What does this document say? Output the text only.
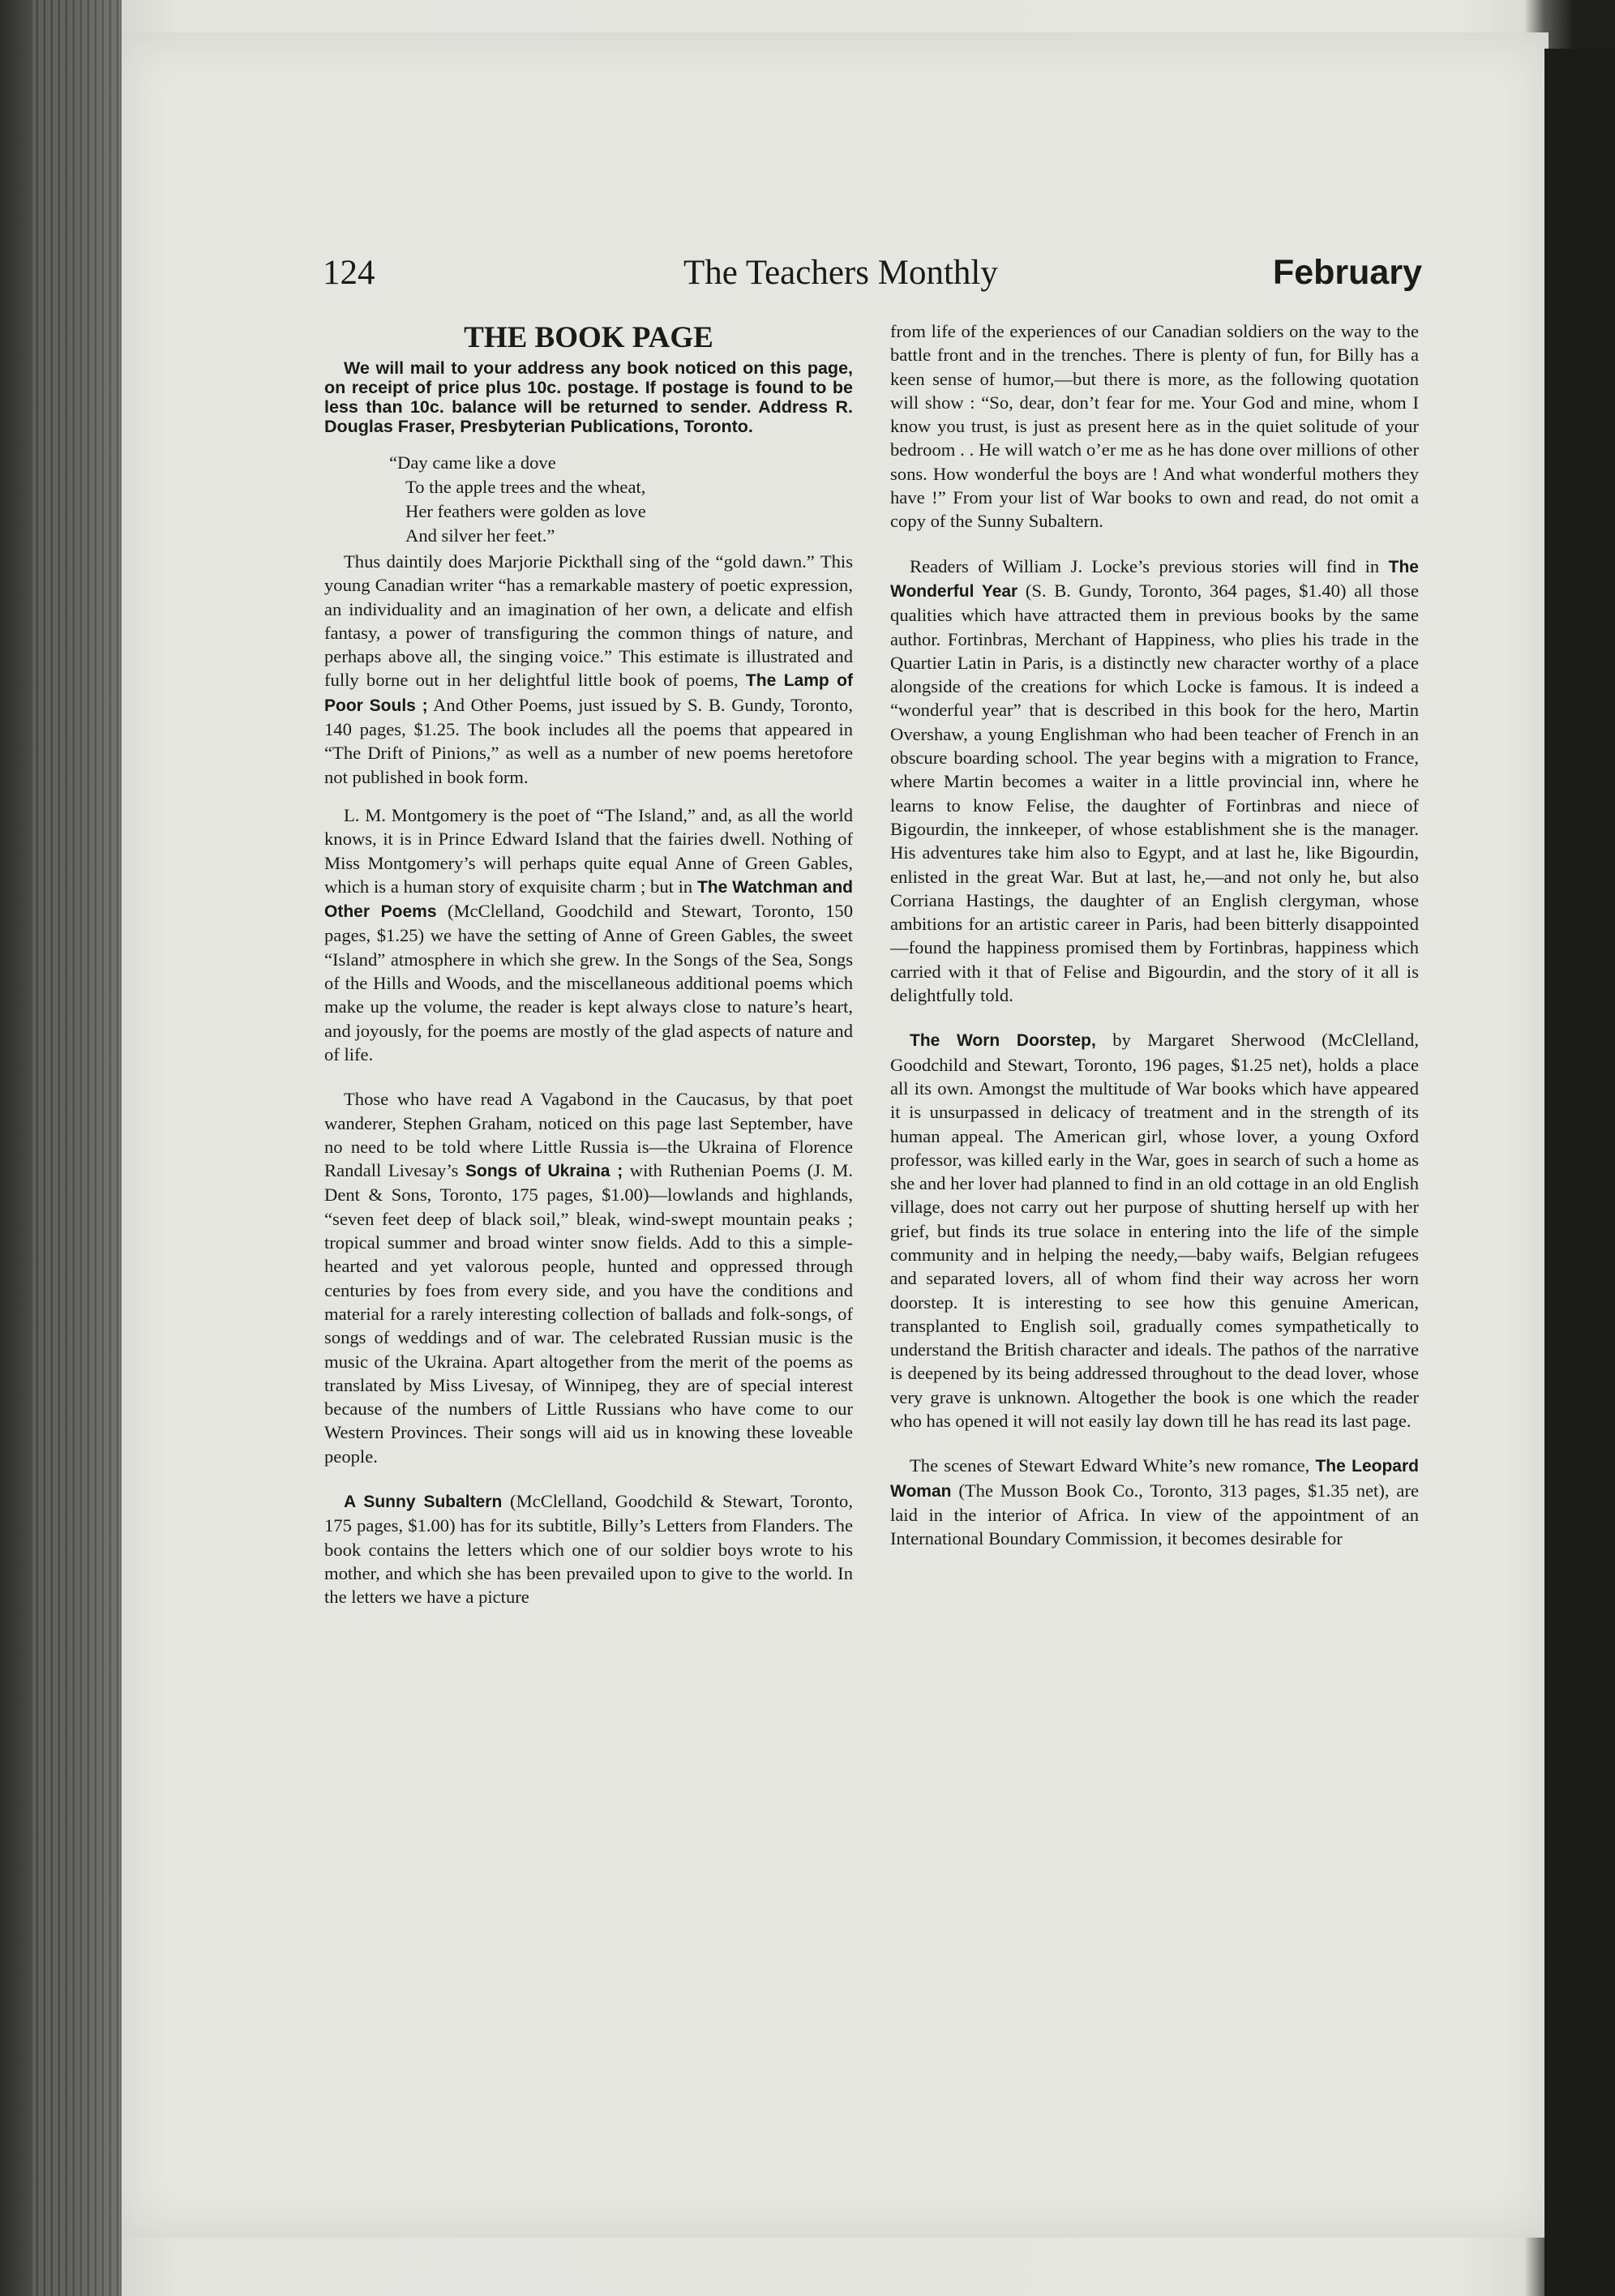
124	The Teachers Monthly	February
THE BOOK PAGE
We will mail to your address any book noticed on this page, on receipt of price plus 10c. postage. If postage is found to be less than 10c. balance will be returned to sender. Address R. Douglas Fraser, Presbyterian Publications, Toronto.
“Day came like a dove
To the apple trees and the wheat,
Her feathers were golden as love
And silver her feet.”

Thus daintily does Marjorie Pickthall sing of the “gold dawn.” This young Canadian writer “has a remarkable mastery of poetic expression, an individuality and an imagination of her own, a delicate and elfish fantasy, a power of transfiguring the common things of nature, and perhaps above all, the singing voice.” This estimate is illustrated and fully borne out in her delightful little book of poems, The Lamp of Poor Souls ; And Other Poems, just issued by S. B. Gundy, Toronto, 140 pages, $1.25. The book includes all the poems that appeared in “The Drift of Pinions,” as well as a number of new poems heretofore not published in book form.

L. M. Montgomery is the poet of “The Island,” and, as all the world knows, it is in Prince Edward Island that the fairies dwell. Nothing of Miss Montgomery’s will perhaps quite equal Anne of Green Gables, which is a human story of exquisite charm ; but in The Watchman and Other Poems (McClelland, Goodchild and Stewart, Toronto, 150 pages, $1.25) we have the setting of Anne of Green Gables, the sweet “Island” atmosphere in which she grew. In the Songs of the Sea, Songs of the Hills and Woods, and the miscellaneous additional poems which make up the volume, the reader is kept always close to nature’s heart, and joyously, for the poems are mostly of the glad aspects of nature and of life.

Those who have read A Vagabond in the Caucasus, by that poet wanderer, Stephen Graham, noticed on this page last September, have no need to be told where Little Russia is—the Ukraina of Florence Randall Livesay’s Songs of Ukraina ; with Ruthenian Poems (J. M. Dent & Sons, Toronto, 175 pages, $1.00)—lowlands and highlands, “seven feet deep of black soil,” bleak, wind-swept mountain peaks ; tropical summer and broad winter snow fields. Add to this a simple-hearted and yet valorous people, hunted and oppressed through centuries by foes from every side, and you have the conditions and material for a rarely interesting collection of ballads and folk-songs, of songs of weddings and of war. The celebrated Russian music is the music of the Ukraina. Apart altogether from the merit of the poems as translated by Miss Livesay, of Winnipeg, they are of special interest because of the numbers of Little Russians who have come to our Western Provinces. Their songs will aid us in knowing these loveable people.

A Sunny Subaltern (McClelland, Goodchild & Stewart, Toronto, 175 pages, $1.00) has for its subtitle, Billy’s Letters from Flanders. The book contains the letters which one of our soldier boys wrote to his mother, and which she has been prevailed upon to give to the world. In the letters we have a picture

from life of the experiences of our Canadian soldiers on the way to the battle front and in the trenches. There is plenty of fun, for Billy has a keen sense of humor,—but there is more, as the following quotation will show : “So, dear, don’t fear for me. Your God and mine, whom I know you trust, is just as present here as in the quiet solitude of your bedroom . . He will watch o’er me as he has done over millions of other sons. How wonderful the boys are ! And what wonderful mothers they have !” From your list of War books to own and read, do not omit a copy of the Sunny Subaltern.

Readers of William J. Locke’s previous stories will find in The Wonderful Year (S. B. Gundy, Toronto, 364 pages, $1.40) all those qualities which have attracted them in previous books by the same author. Fortinbras, Merchant of Happiness, who plies his trade in the Quartier Latin in Paris, is a distinctly new character worthy of a place alongside of the creations for which Locke is famous. It is indeed a “wonderful year” that is described in this book for the hero, Martin Overshaw, a young Englishman who had been teacher of French in an obscure boarding school. The year begins with a migration to France, where Martin becomes a waiter in a little provincial inn, where he learns to know Felise, the daughter of Fortinbras and niece of Bigourdin, the innkeeper, of whose establishment she is the manager. His adventures take him also to Egypt, and at last he, like Bigourdin, enlisted in the great War. But at last, he,—and not only he, but also Corriana Hastings, the daughter of an English clergyman, whose ambitions for an artistic career in Paris, had been bitterly disappointed—found the happiness promised them by Fortinbras, happiness which carried with it that of Felise and Bigourdin, and the story of it all is delightfully told.

The Worn Doorstep, by Margaret Sherwood (McClelland, Goodchild and Stewart, Toronto, 196 pages, $1.25 net), holds a place all its own. Amongst the multitude of War books which have appeared it is unsurpassed in delicacy of treatment and in the strength of its human appeal. The American girl, whose lover, a young Oxford professor, was killed early in the War, goes in search of such a home as she and her lover had planned to find in an old cottage in an old English village, does not carry out her purpose of shutting herself up with her grief, but finds its true solace in entering into the life of the simple community and in helping the needy,—baby waifs, Belgian refugees and separated lovers, all of whom find their way across her worn doorstep. It is interesting to see how this genuine American, transplanted to English soil, gradually comes sympathetically to understand the British character and ideals. The pathos of the narrative is deepened by its being addressed throughout to the dead lover, whose very grave is unknown. Altogether the book is one which the reader who has opened it will not easily lay down till he has read its last page.

The scenes of Stewart Edward White’s new romance, The Leopard Woman (The Musson Book Co., Toronto, 313 pages, $1.35 net), are laid in the interior of Africa. In view of the appointment of an International Boundary Commission, it becomes desirable for
